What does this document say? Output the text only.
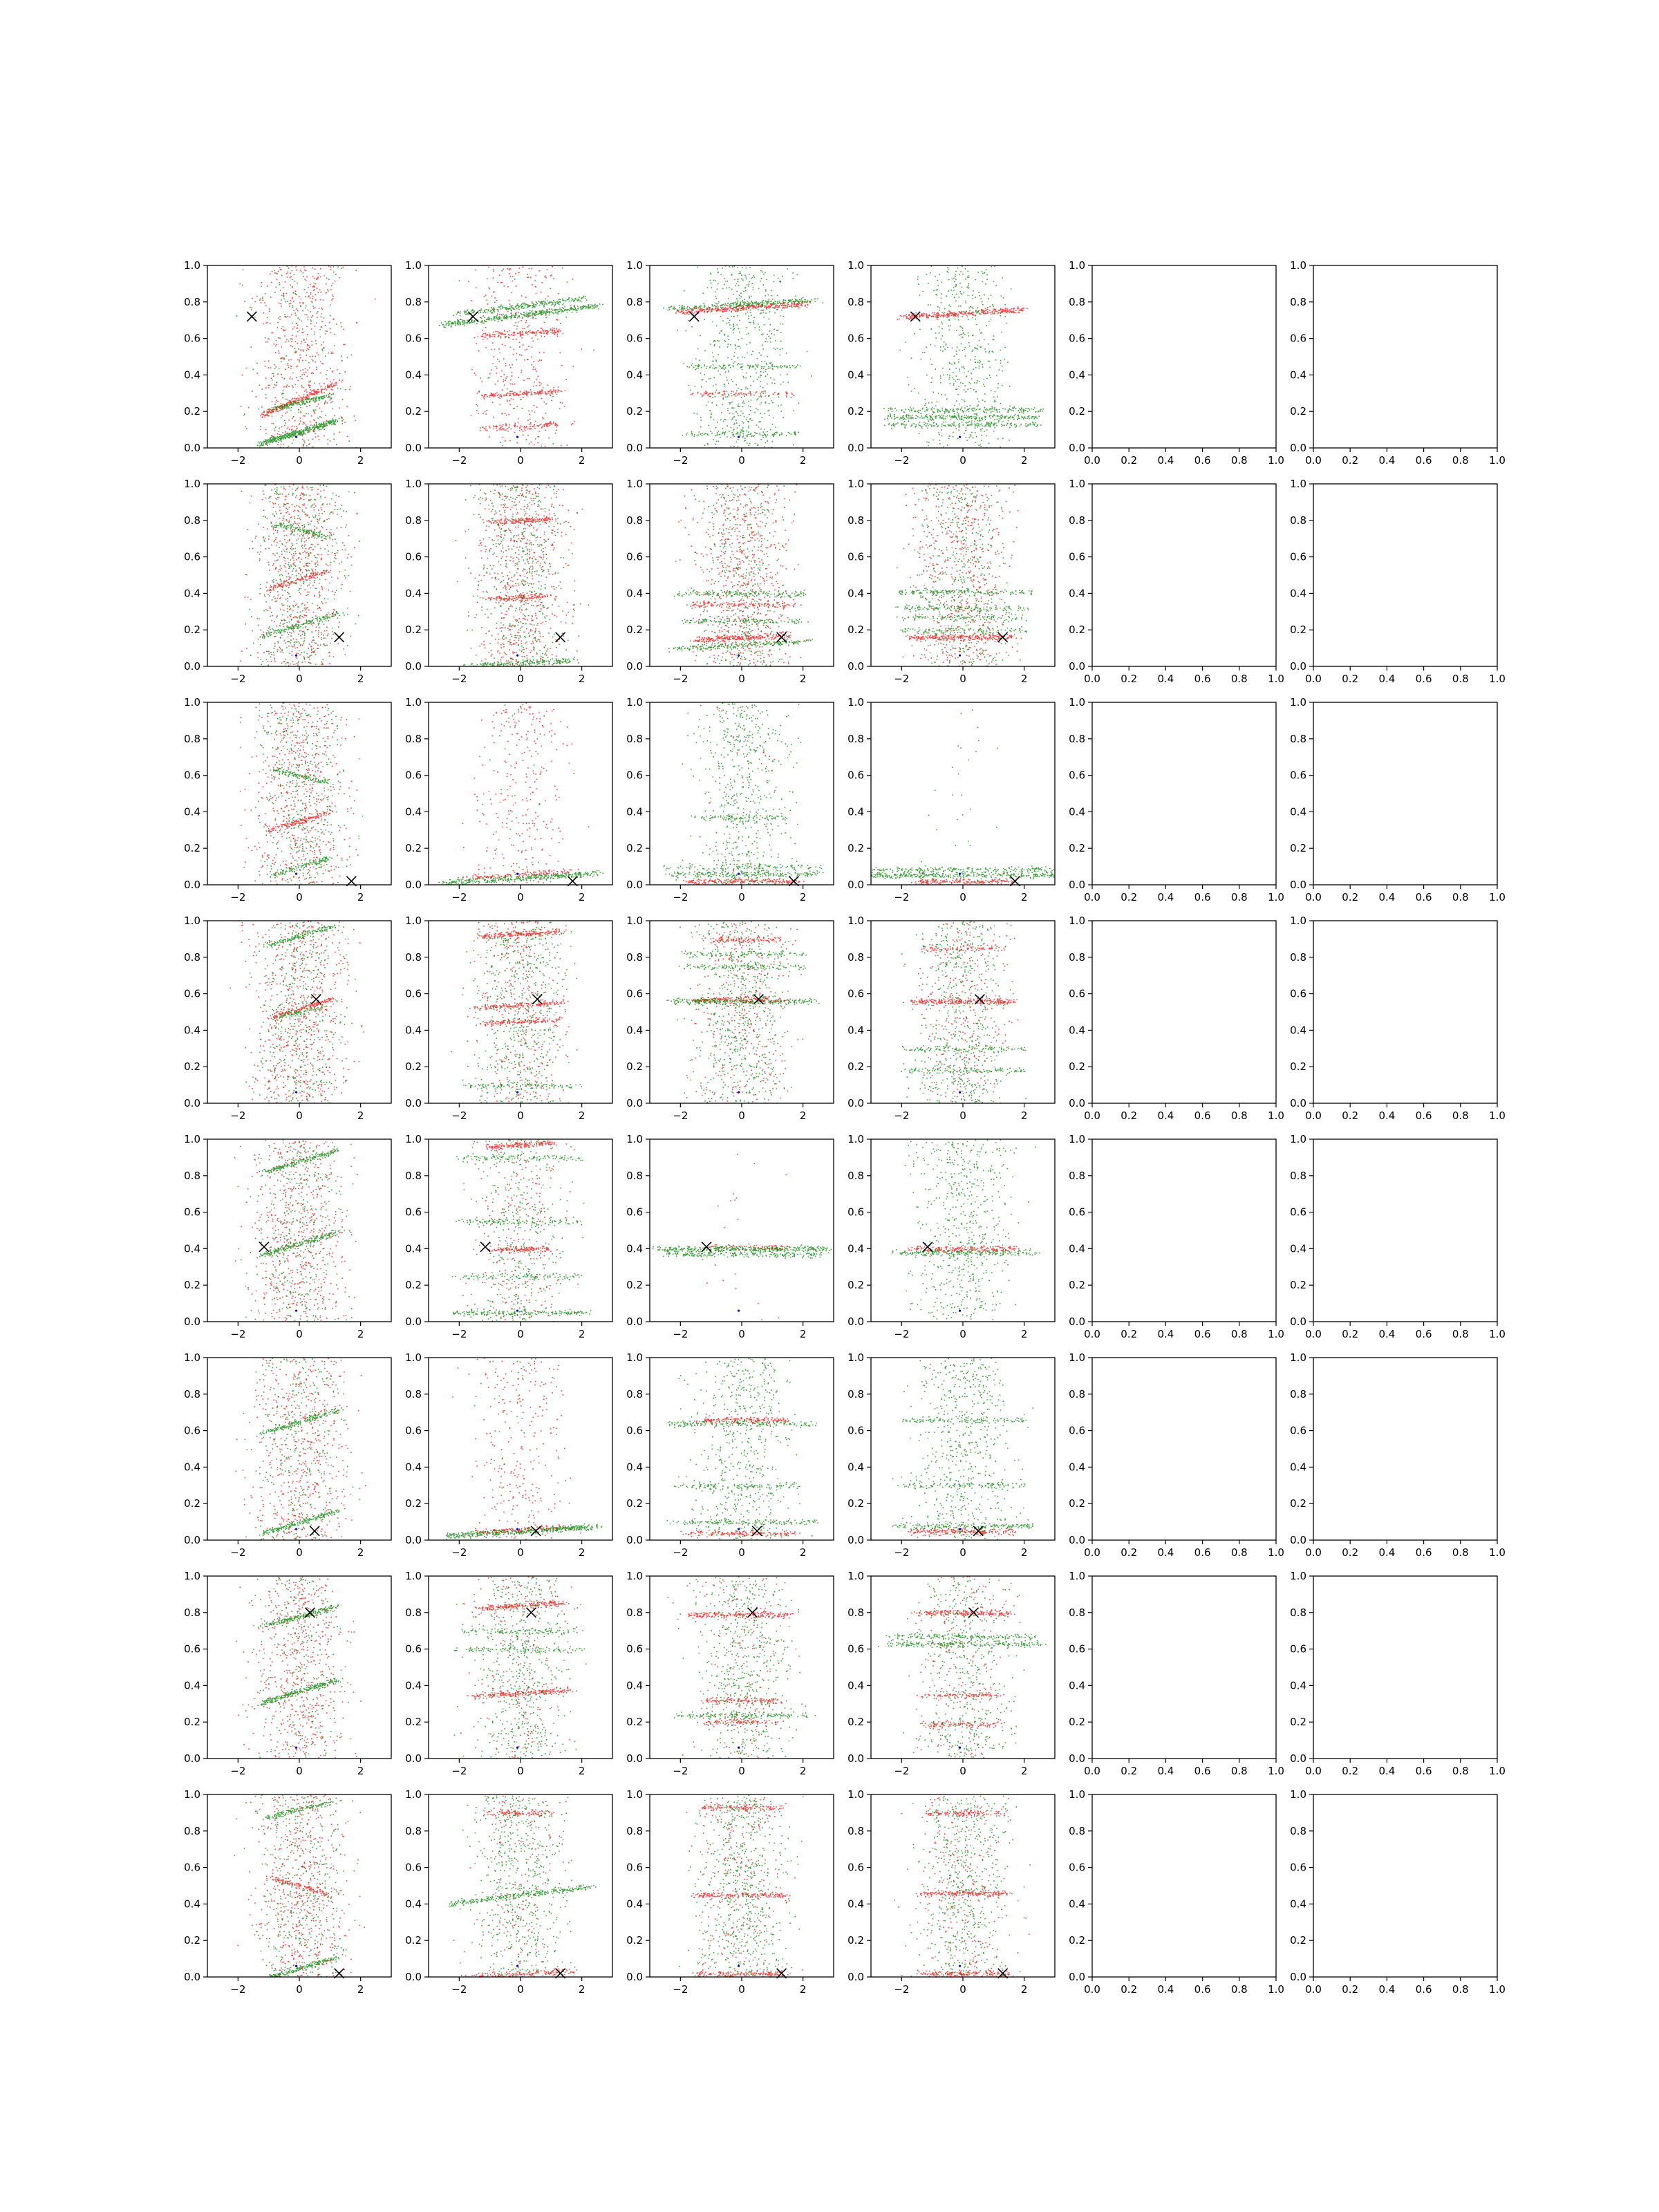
0.0
0.2
0.4
0.6
0.8
1.0
−2	0	2
0.0
0.2
0.4
0.6
0.8
1.0
−2	0	2
0.0
0.2
0.4
0.6
0.8
1.0
−2	0	2
0.0
0.2
0.4
0.6
0.8
1.0
−2	0	2
0.0
0.2
0.4
0.6
0.8
1.0
0.0 0.2 0.4 0.6 0.8 1.0
0.0
0.2
0.4
0.6
0.8
1.0
0.0 0.2 0.4 0.6 0.8 1.0
0.0
0.2
0.4
0.6
0.8
1.0
−2	0	2
0.0
0.2
0.4
0.6
0.8
1.0
−2	0	2
0.0
0.2
0.4
0.6
0.8
1.0
−2	0	2
0.0
0.2
0.4
0.6
0.8
1.0
−2	0	2
0.0
0.2
0.4
0.6
0.8
1.0
0.0 0.2 0.4 0.6 0.8 1.0
0.0
0.2
0.4
0.6
0.8
1.0
0.0 0.2 0.4 0.6 0.8 1.0
0.0
0.2
0.4
0.6
0.8
1.0
−2	0	2
0.0
0.2
0.4
0.6
0.8
1.0
−2	0	2
0.0
0.2
0.4
0.6
0.8
1.0
−2	0	2
0.0
0.2
0.4
0.6
0.8
1.0
−2	0	2
0.0
0.2
0.4
0.6
0.8
1.0
0.0 0.2 0.4 0.6 0.8 1.0
0.0
0.2
0.4
0.6
0.8
1.0
0.0 0.2 0.4 0.6 0.8 1.0
0.0
0.2
0.4
0.6
0.8
1.0
−2	0	2
0.0
0.2
0.4
0.6
0.8
1.0
−2	0	2
0.0
0.2
0.4
0.6
0.8
1.0
−2	0	2
0.0
0.2
0.4
0.6
0.8
1.0
−2	0	2
0.0
0.2
0.4
0.6
0.8
1.0
0.0 0.2 0.4 0.6 0.8 1.0
0.0
0.2
0.4
0.6
0.8
1.0
0.0 0.2 0.4 0.6 0.8 1.0
0.0
0.2
0.4
0.6
0.8
1.0
−2	0	2
0.0
0.2
0.4
0.6
0.8
1.0
−2	0	2
0.0
0.2
0.4
0.6
0.8
1.0
−2	0	2
0.0
0.2
0.4
0.6
0.8
1.0
−2	0	2
0.0
0.2
0.4
0.6
0.8
1.0
0.0 0.2 0.4 0.6 0.8 1.0
0.0
0.2
0.4
0.6
0.8
1.0
0.0 0.2 0.4 0.6 0.8 1.0
0.0
0.2
0.4
0.6
0.8
1.0
−2	0	2
0.0
0.2
0.4
0.6
0.8
1.0
−2	0	2
0.0
0.2
0.4
0.6
0.8
1.0
−2	0	2
0.0
0.2
0.4
0.6
0.8
1.0
−2	0	2
0.0
0.2
0.4
0.6
0.8
1.0
0.0 0.2 0.4 0.6 0.8 1.0
0.0
0.2
0.4
0.6
0.8
1.0
0.0 0.2 0.4 0.6 0.8 1.0
0.0
0.2
0.4
0.6
0.8
1.0
−2	0	2
0.0
0.2
0.4
0.6
0.8
1.0
−2	0	2
0.0
0.2
0.4
0.6
0.8
1.0
−2	0	2
0.0
0.2
0.4
0.6
0.8
1.0
−2	0	2
0.0
0.2
0.4
0.6
0.8
1.0
0.0 0.2 0.4 0.6 0.8 1.0
0.0
0.2
0.4
0.6
0.8
1.0
0.0 0.2 0.4 0.6 0.8 1.0
0.0
0.2
0.4
0.6
0.8
1.0
−2	0	2
0.0
0.2
0.4
0.6
0.8
1.0
−2	0	2
0.0
0.2
0.4
0.6
0.8
1.0
−2	0	2
0.0
0.2
0.4
0.6
0.8
1.0
−2	0	2
0.0
0.2
0.4
0.6
0.8
1.0
0.0 0.2 0.4 0.6 0.8 1.0
0.0
0.2
0.4
0.6
0.8
1.0
0.0 0.2 0.4 0.6 0.8 1.0
